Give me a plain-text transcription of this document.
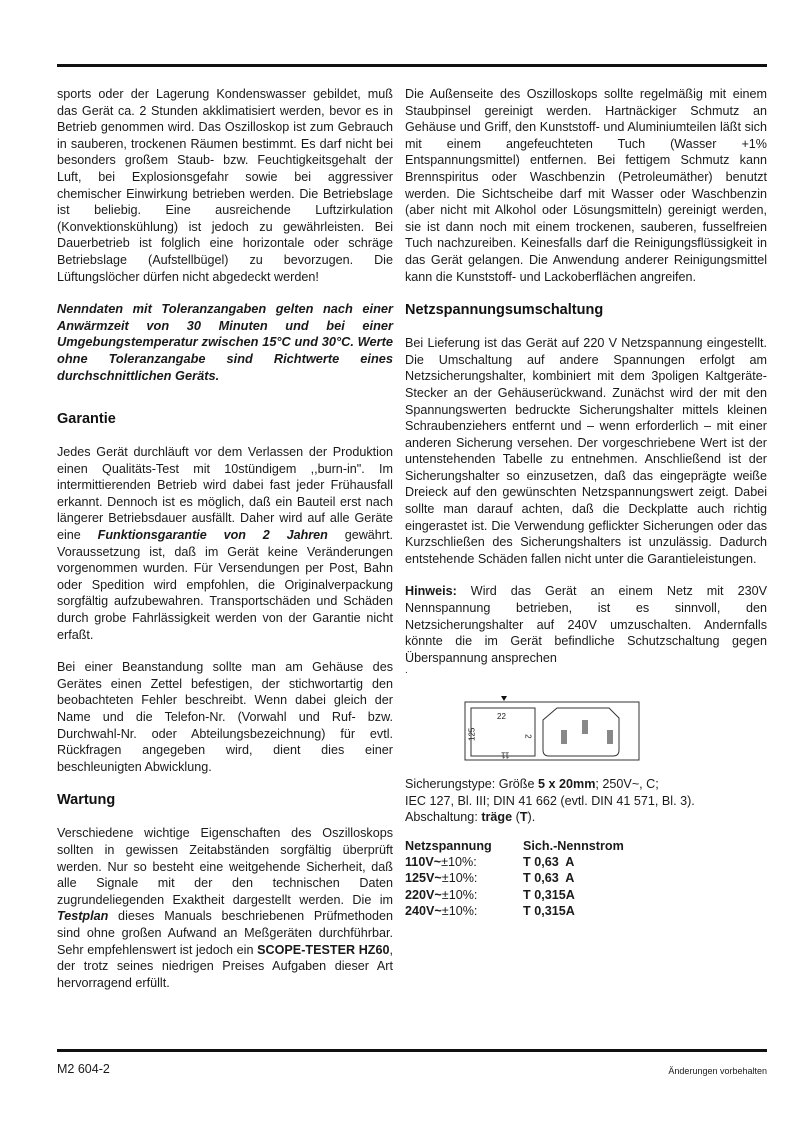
sports oder der Lagerung Kondenswasser gebildet, muß das Gerät ca. 2 Stunden akklimatisiert werden, bevor es in Betrieb genommen wird. Das Oszilloskop ist zum Gebrauch in sauberen, trockenen Räumen bestimmt. Es darf nicht bei besonders großem Staub- bzw. Feuchtigkeitsgehalt der Luft, bei Explosionsgefahr sowie bei aggressiver chemischer Einwirkung betrieben werden. Die Betriebslage ist beliebig. Eine ausreichende Luftzirkulation (Konvektionskühlung) ist jedoch zu gewährleisten. Bei Dauerbetrieb ist folglich eine horizontale oder schräge Betriebslage (Aufstellbügel) zu bevorzugen. Die Lüftungslöcher dürfen nicht abgedeckt werden!

Nenndaten mit Toleranzangaben gelten nach einer Anwärmzeit von 30 Minuten und bei einer Umgebungstemperatur zwischen 15°C und 30°C. Werte ohne Toleranzangabe sind Richtwerte eines durchschnittlichen Geräts.

Garantie

Jedes Gerät durchläuft vor dem Verlassen der Produktion einen Qualitäts-Test mit 10stündigem ,,burn-in". Im intermittierenden Betrieb wird dabei fast jeder Frühausfall erkannt. Dennoch ist es möglich, daß ein Bauteil erst nach längerer Betriebsdauer ausfällt. Daher wird auf alle Geräte eine Funktionsgarantie von 2 Jahren gewährt. Voraussetzung ist, daß im Gerät keine Veränderungen vorgenommen wurden. Für Versendungen per Post, Bahn oder Spedition wird empfohlen, die Originalverpackung sorgfältig aufzubewahren. Transportschäden und Schäden durch grobe Fahrlässigkeit werden von der Garantie nicht erfaßt.

Bei einer Beanstandung sollte man am Gehäuse des Gerätes einen Zettel befestigen, der stichwortartig den beobachteten Fehler beschreibt. Wenn dabei gleich der Name und die Telefon-Nr. (Vorwahl und Ruf- bzw. Durchwahl-Nr. oder Abteilungsbezeichnung) für evtl. Rückfragen angegeben wird, dient dies einer beschleunigten Abwicklung.

Wartung

Verschiedene wichtige Eigenschaften des Oszilloskops sollten in gewissen Zeitabständen sorgfältig überprüft werden. Nur so besteht eine weitgehende Sicherheit, daß alle Signale mit der den technischen Daten zugrundeliegenden Exaktheit dargestellt werden. Die im Testplan dieses Manuals beschriebenen Prüfmethoden sind ohne großen Aufwand an Meßgeräten durchführbar. Sehr empfehlenswert ist jedoch ein SCOPE-TESTER HZ60, der trotz seines niedrigen Preises Aufgaben dieser Art hervorragend erfüllt.

Die Außenseite des Oszilloskops sollte regelmäßig mit einem Staubpinsel gereinigt werden. Hartnäckiger Schmutz an Gehäuse und Griff, den Kunststoff- und Aluminiumteilen läßt sich mit einem angefeuchteten Tuch (Wasser +1% Entspannungsmittel) entfernen. Bei fettigem Schmutz kann Brennspiritus oder Waschbenzin (Petroleumäther) benutzt werden. Die Sichtscheibe darf mit Wasser oder Waschbenzin (aber nicht mit Alkohol oder Lösungsmitteln) gereinigt werden, sie ist dann noch mit einem trockenen, sauberen, fusselfreien Tuch nachzureiben. Keinesfalls darf die Reinigungsflüssigkeit in das Gerät gelangen. Die Anwendung anderer Reinigungsmittel kann die Kunststoff- und Lackoberflächen angreifen.

Netzspannungsumschaltung

Bei Lieferung ist das Gerät auf 220 V Netzspannung eingestellt. Die Umschaltung auf andere Spannungen erfolgt am Netzsicherungshalter, kombiniert mit dem 3poligen Kaltgeräte-Stecker an der Gehäuserückwand. Zunächst wird der mit den Spannungswerten bedruckte Sicherungshalter mittels kleinen Schraubenziehers entfernt und – wenn erforderlich – mit einer anderen Sicherung versehen. Der vorgeschriebene Wert ist der untenstehenden Tabelle zu entnehmen. Anschließend ist der Sicherungshalter so einzusetzen, daß das eingeprägte weiße Dreieck auf den gewünschten Netzspannungswert zeigt. Dabei sollte man darauf achten, daß die Deckplatte auch richtig eingerastet ist. Die Verwendung geflickter Sicherungen oder das Kurzschließen des Sicherungshalters ist unzulässig. Dadurch entstehende Schäden fallen nicht unter die Garantieleistungen.

Hinweis: Wird das Gerät an einem Netz mit 230V Nennspannung betrieben, ist es sinnvoll, den Netzsicherungshalter auf 240V umzuschalten. Andernfalls könnte die im Gerät befindliche Schutzschaltung gegen Überspannung ansprechen

.
22
125	2
11
Sicherungstype: Größe 5 x 20mm; 250V~, C;
IEC 127, Bl. III; DIN 41 662 (evtl. DIN 41 571, Bl. 3).
Abschaltung: träge (T).
Netzspannung	Sich.-Nennstrom
110V~±10%:	T 0,63  A
125V~±10%:	T 0,63  A
220V~±10%:	T 0,315A
240V~±10%:	T 0,315A
M2 604-2	Änderungen vorbehalten
